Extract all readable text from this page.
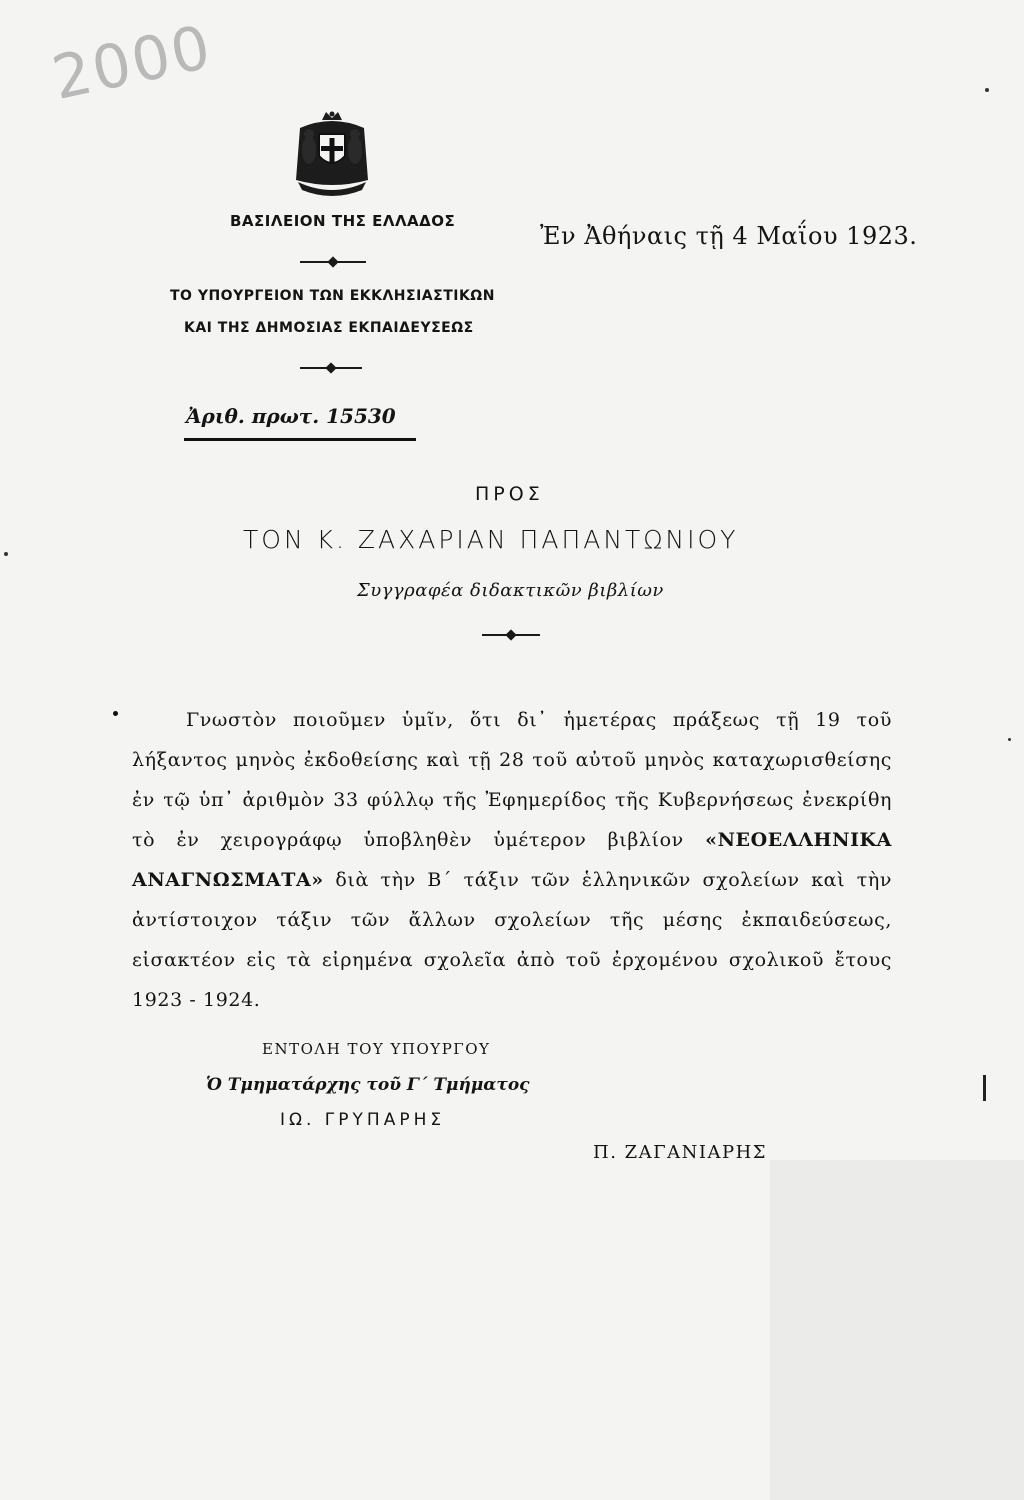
2000
ΒΑΣΙΛΕΙΟΝ ΤΗΣ ΕΛΛΑΔΟΣ
Ἐν Ἀθήναις τῇ 4 Μαΐου 1923.
ΤΟ ΥΠΟΥΡΓΕΙΟΝ ΤΩΝ ΕΚΚΛΗΣΙΑΣΤΙΚΩΝ
ΚΑΙ ΤΗΣ ΔΗΜΟΣΙΑΣ ΕΚΠΑΙΔΕΥΣΕΩΣ
Ἀριθ. πρωτ. 15530
ΠΡΟΣ
ΤΟΝ Κ. ΖΑΧΑΡΙΑΝ ΠΑΠΑΝΤΩΝΙΟΥ
Συγγραφέα διδακτικῶν βιβλίων
Γνωστὸν ποιοῦμεν ὑμῖν, ὅτι δι᾽ ἡμετέρας πράξεως τῇ 19 τοῦ λήξαντος μηνὸς ἐκδοθείσης καὶ τῇ 28 τοῦ αὐτοῦ μηνὸς καταχωρισθείσης ἐν τῷ ὑπ᾽ ἀριθμὸν 33 φύλλῳ τῆς Ἐφημερίδος τῆς Κυβερνήσεως ἐνεκρίθη τὸ ἐν χειρογράφῳ ὑποβληθὲν ὑμέτερον βιβλίον «ΝΕΟΕΛΛΗΝΙΚΑ ΑΝΑΓΝΩΣΜΑΤΑ» διὰ τὴν Β΄ τάξιν τῶν ἑλληνικῶν σχολείων καὶ τὴν ἀντίστοιχον τάξιν τῶν ἄλλων σχολείων τῆς μέσης ἐκπαιδεύσεως, εἰσακτέον εἰς τὰ εἰρημένα σχολεῖα ἀπὸ τοῦ ἐρχομένου σχολικοῦ ἔτους 1923 - 1924.
ΕΝΤΟΛΗ ΤΟΥ ΥΠΟΥΡΓΟΥ
Ὁ Τμηματάρχης τοῦ Γ΄ Τμήματος
ΙΩ. ΓΡΥΠΑΡΗΣ
Π. ΖΑΓΑΝΙΑΡΗΣ
